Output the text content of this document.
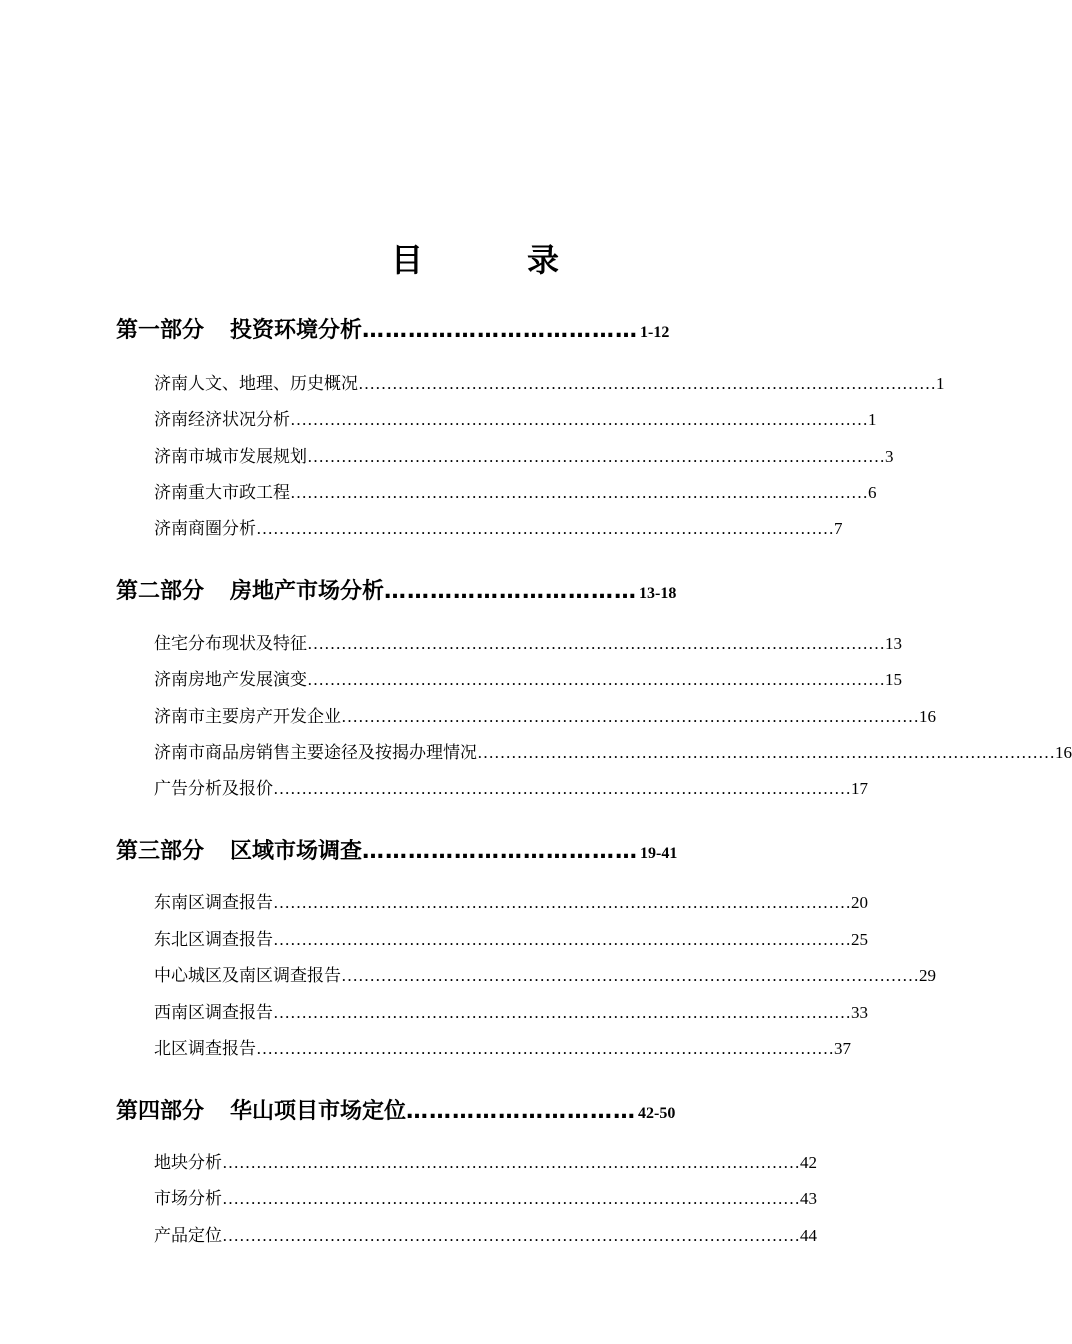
目　录
第一部分 投资环境分析 ……………………………… 1-12
济南人文、地理、历史概况 ………………………………………………………………………………………… 1
济南经济状况分析 ………………………………………………………………………………………… 1
济南市城市发展规划 ………………………………………………………………………………………… 3
济南重大市政工程 ………………………………………………………………………………………… 6
济南商圈分析 ………………………………………………………………………………………… 7
第二部分 房地产市场分析 …………………………… 13-18
住宅分布现状及特征 ………………………………………………………………………………………… 13
济南房地产发展演变 ………………………………………………………………………………………… 15
济南市主要房产开发企业 ………………………………………………………………………………………… 16
济南市商品房销售主要途径及按揭办理情况 ………………………………………………………………………………………… 16
广告分析及报价 ………………………………………………………………………………………… 17
第三部分 区域市场调查 ……………………………… 19-41
东南区调查报告 ………………………………………………………………………………………… 20
东北区调查报告 ………………………………………………………………………………………… 25
中心城区及南区调查报告 ………………………………………………………………………………………… 29
西南区调查报告 ………………………………………………………………………………………… 33
北区调查报告 ………………………………………………………………………………………… 37
第四部分 华山项目市场定位 ………………………… 42-50
地块分析 ………………………………………………………………………………………… 42
市场分析 ………………………………………………………………………………………… 43
产品定位 ………………………………………………………………………………………… 44
